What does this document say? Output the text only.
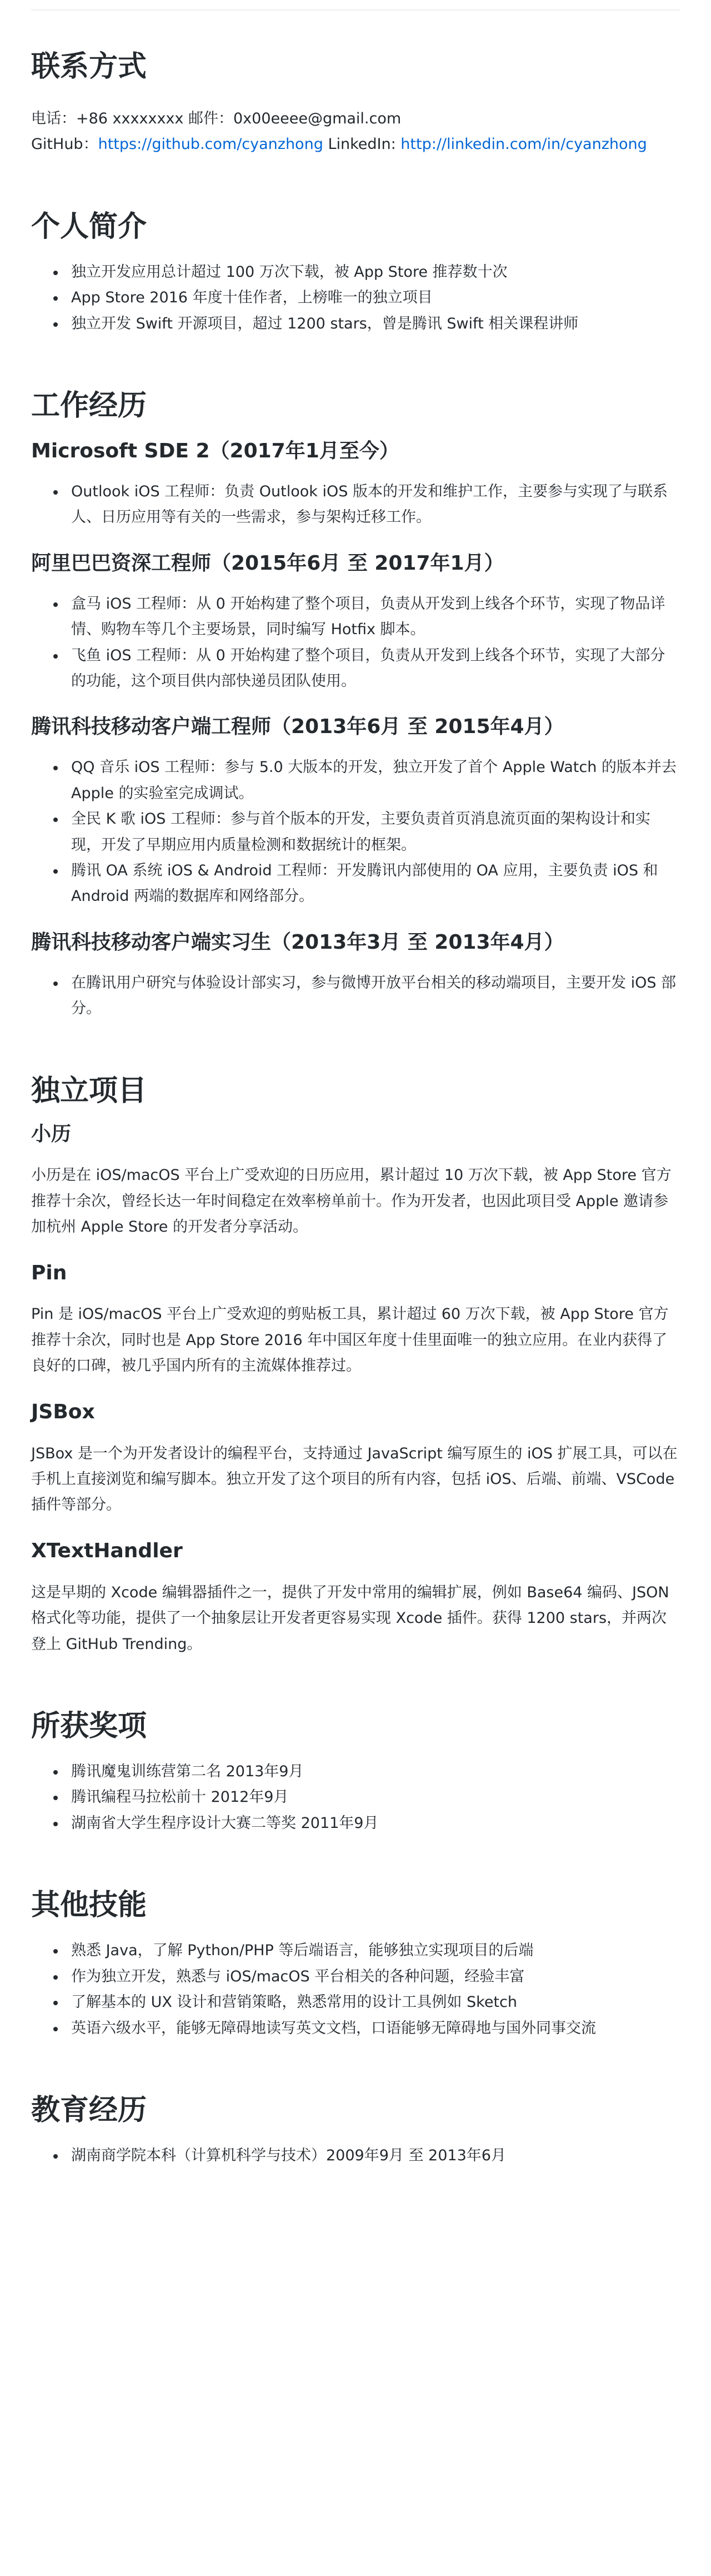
联系方式
电话：+86 xxxxxxxx 邮件：0x00eeee@gmail.com
GitHub：https://github.com/cyanzhong LinkedIn: http://linkedin.com/in/cyanzhong
个人简介
独立开发应用总计超过 100 万次下载，被 App Store 推荐数十次
App Store 2016 年度十佳作者，上榜唯一的独立项目
独立开发 Swift 开源项目，超过 1200 stars，曾是腾讯 Swift 相关课程讲师
工作经历
Microsoft SDE 2（2017年1月至今）
Outlook iOS 工程师：负责 Outlook iOS 版本的开发和维护工作，主要参与实现了与联系人、日历应用等有关的一些需求，参与架构迁移工作。
阿里巴巴资深工程师（2015年6月 至 2017年1月）
盒马 iOS 工程师：从 0 开始构建了整个项目，负责从开发到上线各个环节，实现了物品详情、购物车等几个主要场景，同时编写 Hotfix 脚本。
飞鱼 iOS 工程师：从 0 开始构建了整个项目，负责从开发到上线各个环节，实现了大部分的功能，这个项目供内部快递员团队使用。
腾讯科技移动客户端工程师（2013年6月 至 2015年4月）
QQ 音乐 iOS 工程师：参与 5.0 大版本的开发，独立开发了首个 Apple Watch 的版本并去 Apple 的实验室完成调试。
全民 K 歌 iOS 工程师：参与首个版本的开发，主要负责首页消息流页面的架构设计和实现，开发了早期应用内质量检测和数据统计的框架。
腾讯 OA 系统 iOS & Android 工程师：开发腾讯内部使用的 OA 应用，主要负责 iOS 和 Android 两端的数据库和网络部分。
腾讯科技移动客户端实习生（2013年3月 至 2013年4月）
在腾讯用户研究与体验设计部实习，参与微博开放平台相关的移动端项目，主要开发 iOS 部分。
独立项目
小历

小历是在 iOS/macOS 平台上广受欢迎的日历应用，累计超过 10 万次下载，被 App Store 官方推荐十余次，曾经长达一年时间稳定在效率榜单前十。作为开发者，也因此项目受 Apple 邀请参加杭州 Apple Store 的开发者分享活动。

Pin

Pin 是 iOS/macOS 平台上广受欢迎的剪贴板工具，累计超过 60 万次下载，被 App Store 官方推荐十余次，同时也是 App Store 2016 年中国区年度十佳里面唯一的独立应用。在业内获得了良好的口碑，被几乎国内所有的主流媒体推荐过。

JSBox

JSBox 是一个为开发者设计的编程平台，支持通过 JavaScript 编写原生的 iOS 扩展工具，可以在手机上直接浏览和编写脚本。独立开发了这个项目的所有内容，包括 iOS、后端、前端、VSCode 插件等部分。

XTextHandler

这是早期的 Xcode 编辑器插件之一，提供了开发中常用的编辑扩展，例如 Base64 编码、JSON 格式化等功能，提供了一个抽象层让开发者更容易实现 Xcode 插件。获得 1200 stars，并两次登上 GitHub Trending。

所获奖项
腾讯魔鬼训练营第二名 2013年9月
腾讯编程马拉松前十 2012年9月
湖南省大学生程序设计大赛二等奖 2011年9月
其他技能
熟悉 Java，了解 Python/PHP 等后端语言，能够独立实现项目的后端
作为独立开发，熟悉与 iOS/macOS 平台相关的各种问题，经验丰富
了解基本的 UX 设计和营销策略，熟悉常用的设计工具例如 Sketch
英语六级水平，能够无障碍地读写英文文档，口语能够无障碍地与国外同事交流
教育经历
湖南商学院本科（计算机科学与技术）2009年9月 至 2013年6月
